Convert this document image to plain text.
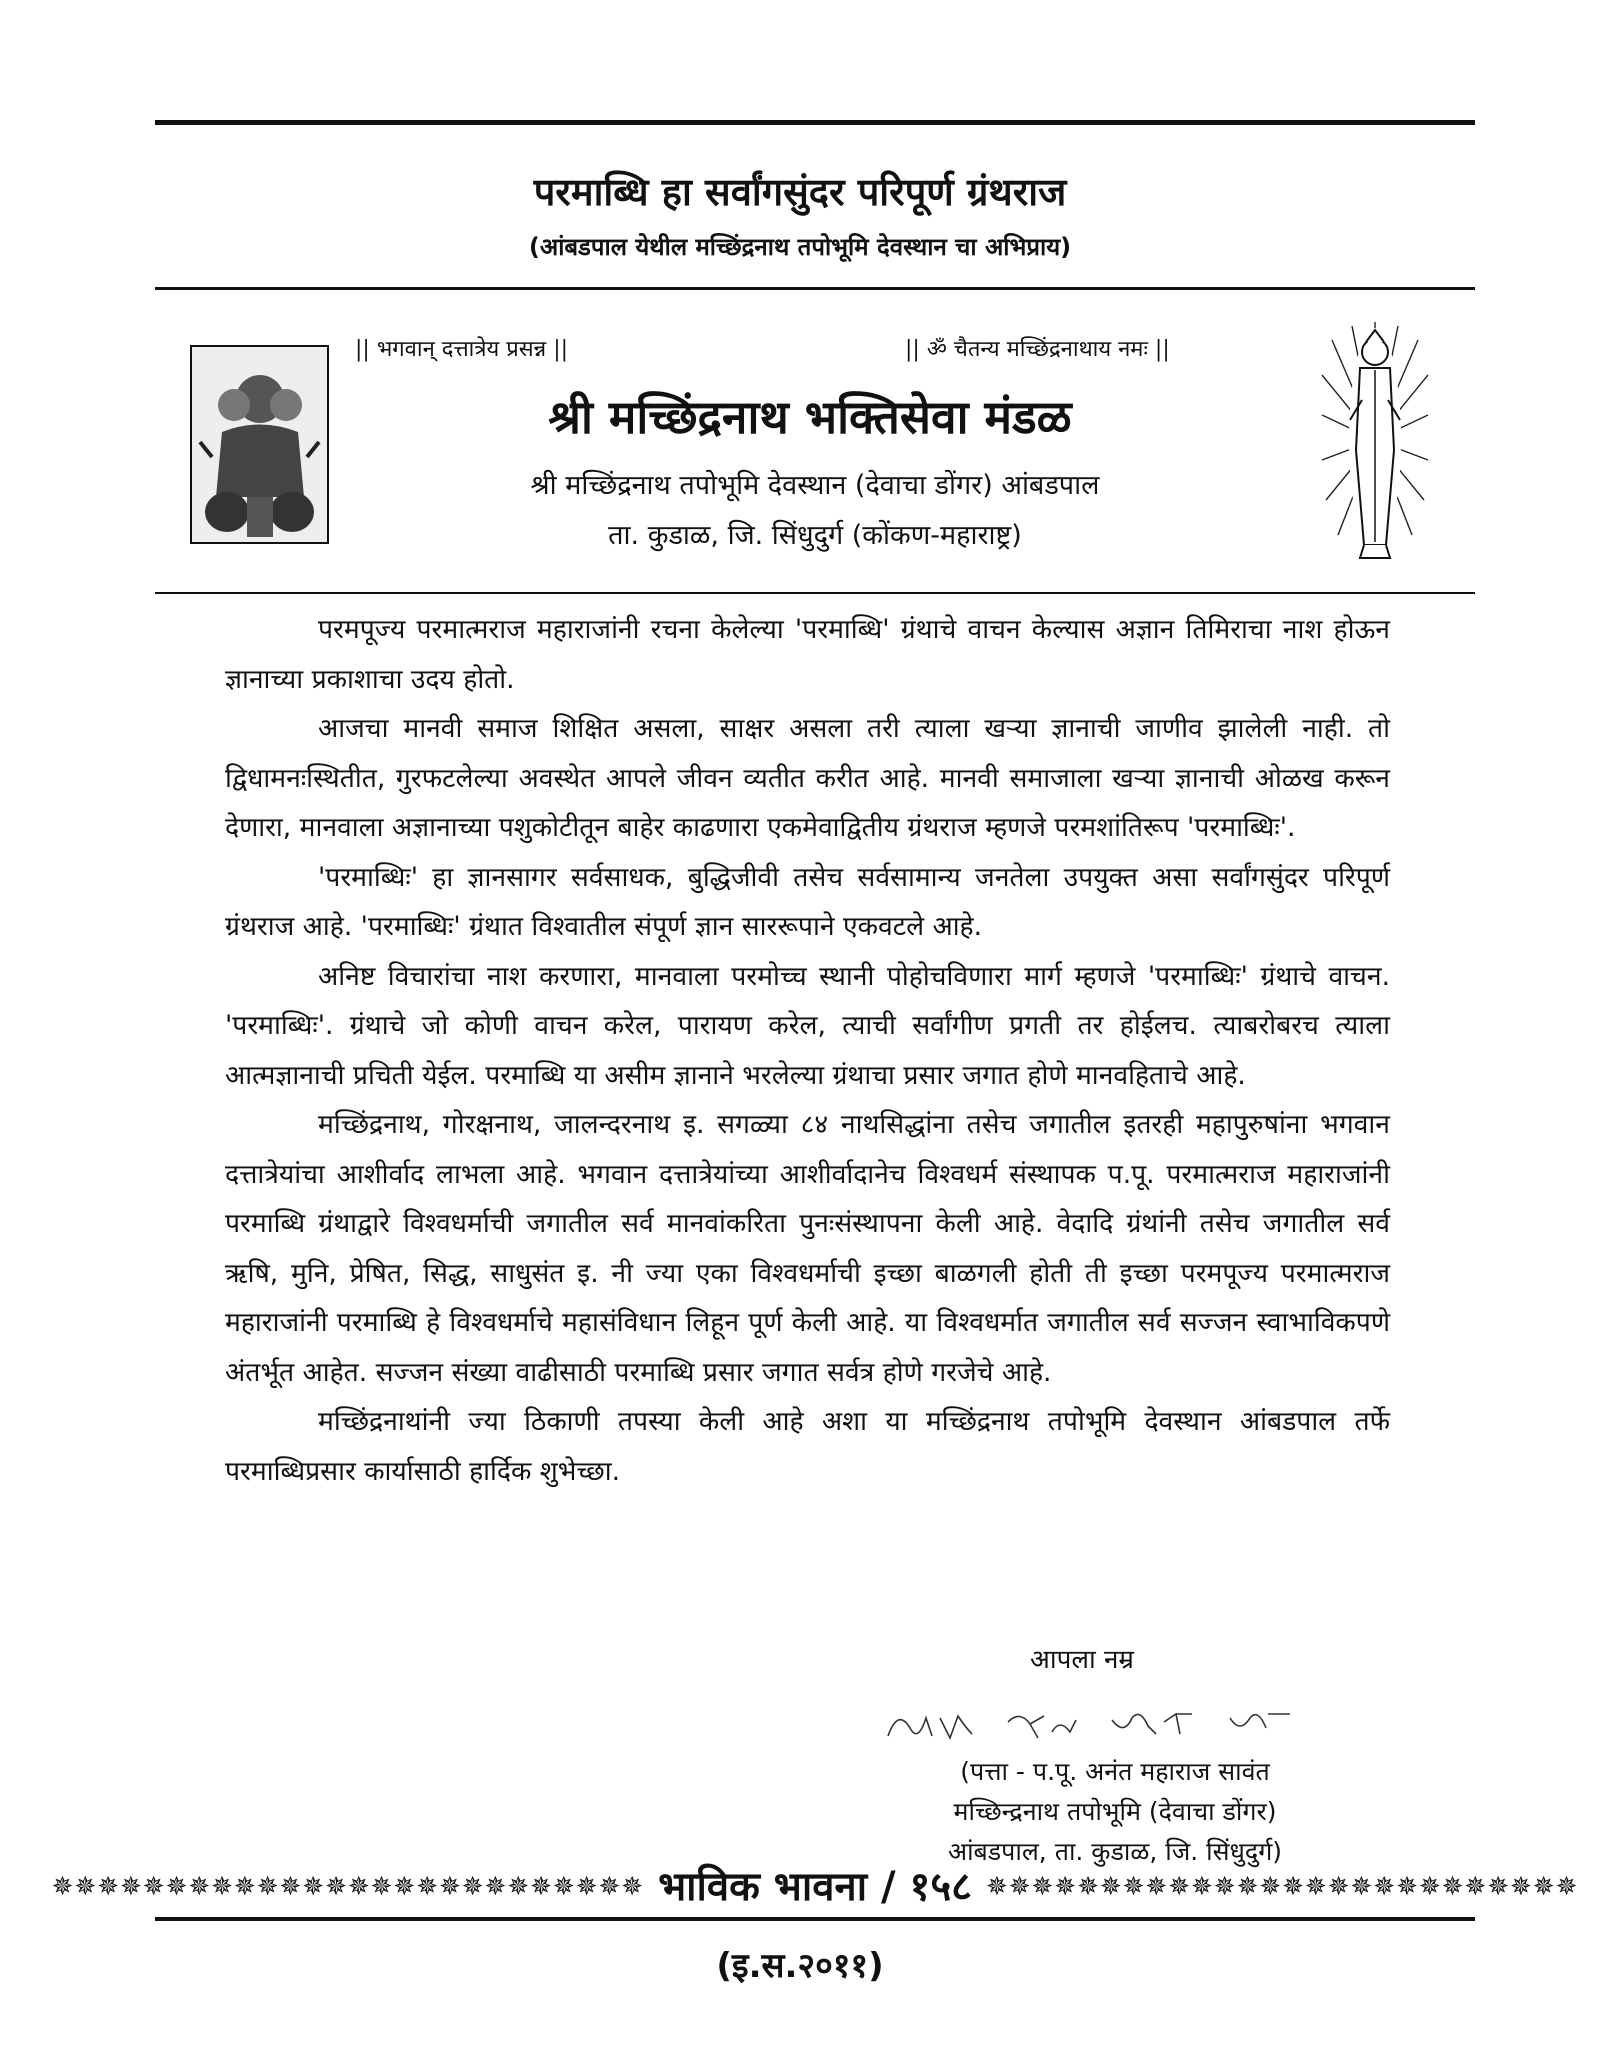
परमाब्धि हा सर्वांगसुंदर परिपूर्ण ग्रंथराज
(आंबडपाल येथील मच्छिंद्रनाथ तपोभूमि देवस्थान चा अभिप्राय)
|| भगवान् दत्तात्रेय प्रसन्न ||	|| ॐ चैतन्य मच्छिंद्रनाथाय नमः ||
श्री मच्छिंद्रनाथ भक्तिसेवा मंडळ
श्री मच्छिंद्रनाथ तपोभूमि देवस्थान (देवाचा डोंगर) आंबडपाल
ता. कुडाळ, जि. सिंधुदुर्ग (कोंकण-महाराष्ट्र)

परमपूज्य परमात्मराज महाराजांनी रचना केलेल्या 'परमाब्धि' ग्रंथाचे वाचन केल्यास अज्ञान तिमिराचा नाश होऊन ज्ञानाच्या प्रकाशाचा उदय होतो.

आजचा मानवी समाज शिक्षित असला, साक्षर असला तरी त्याला खऱ्या ज्ञानाची जाणीव झालेली नाही. तो द्विधामनःस्थितीत, गुरफटलेल्या अवस्थेत आपले जीवन व्यतीत करीत आहे. मानवी समाजाला खऱ्या ज्ञानाची ओळख करून देणारा, मानवाला अज्ञानाच्या पशुकोटीतून बाहेर काढणारा एकमेवाद्वितीय ग्रंथराज म्हणजे परमशांतिरूप 'परमाब्धिः'.

'परमाब्धिः' हा ज्ञानसागर सर्वसाधक, बुद्धिजीवी तसेच सर्वसामान्य जनतेला उपयुक्त असा सर्वांगसुंदर परिपूर्ण ग्रंथराज आहे. 'परमाब्धिः' ग्रंथात विश्वातील संपूर्ण ज्ञान साररूपाने एकवटले आहे.

अनिष्ट विचारांचा नाश करणारा, मानवाला परमोच्च स्थानी पोहोचविणारा मार्ग म्हणजे 'परमाब्धिः' ग्रंथाचे वाचन. 'परमाब्धिः'. ग्रंथाचे जो कोणी वाचन करेल, पारायण करेल, त्याची सर्वांगीण प्रगती तर होईलच. त्याबरोबरच त्याला आत्मज्ञानाची प्रचिती येईल. परमाब्धि या असीम ज्ञानाने भरलेल्या ग्रंथाचा प्रसार जगात होणे मानवहिताचे आहे.

मच्छिंद्रनाथ, गोरक्षनाथ, जालन्दरनाथ इ. सगळ्या ८४ नाथसिद्धांना तसेच जगातील इतरही महापुरुषांना भगवान दत्तात्रेयांचा आशीर्वाद लाभला आहे. भगवान दत्तात्रेयांच्या आशीर्वादानेच विश्वधर्म संस्थापक प.पू. परमात्मराज महाराजांनी परमाब्धि ग्रंथाद्वारे विश्वधर्माची जगातील सर्व मानवांकरिता पुनःसंस्थापना केली आहे. वेदादि ग्रंथांनी तसेच जगातील सर्व ऋषि, मुनि, प्रेषित, सिद्ध, साधुसंत इ. नी ज्या एका विश्वधर्माची इच्छा बाळगली होती ती इच्छा परमपूज्य परमात्मराज महाराजांनी परमाब्धि हे विश्वधर्माचे महासंविधान लिहून पूर्ण केली आहे. या विश्वधर्मात जगातील सर्व सज्जन स्वाभाविकपणे अंतर्भूत आहेत. सज्जन संख्या वाढीसाठी परमाब्धि प्रसार जगात सर्वत्र होणे गरजेचे आहे.

मच्छिंद्रनाथांनी ज्या ठिकाणी तपस्या केली आहे अशा या मच्छिंद्रनाथ तपोभूमि देवस्थान आंबडपाल तर्फे परमाब्धिप्रसार कार्यासाठी हार्दिक शुभेच्छा.

आपला नम्र
(पत्ता - प.पू. अनंत महाराज सावंत
मच्छिन्द्रनाथ तपोभूमि (देवाचा डोंगर)
आंबडपाल, ता. कुडाळ, जि. सिंधुदुर्ग)
✵✵✵✵✵✵✵✵✵✵✵✵✵✵✵✵✵✵✵✵✵✵✵✵✵✵ भाविक भावना / १५८ ✵✵✵✵✵✵✵✵✵✵✵✵✵✵✵✵✵✵✵✵✵✵✵✵✵✵
(इ.स.२०११)
